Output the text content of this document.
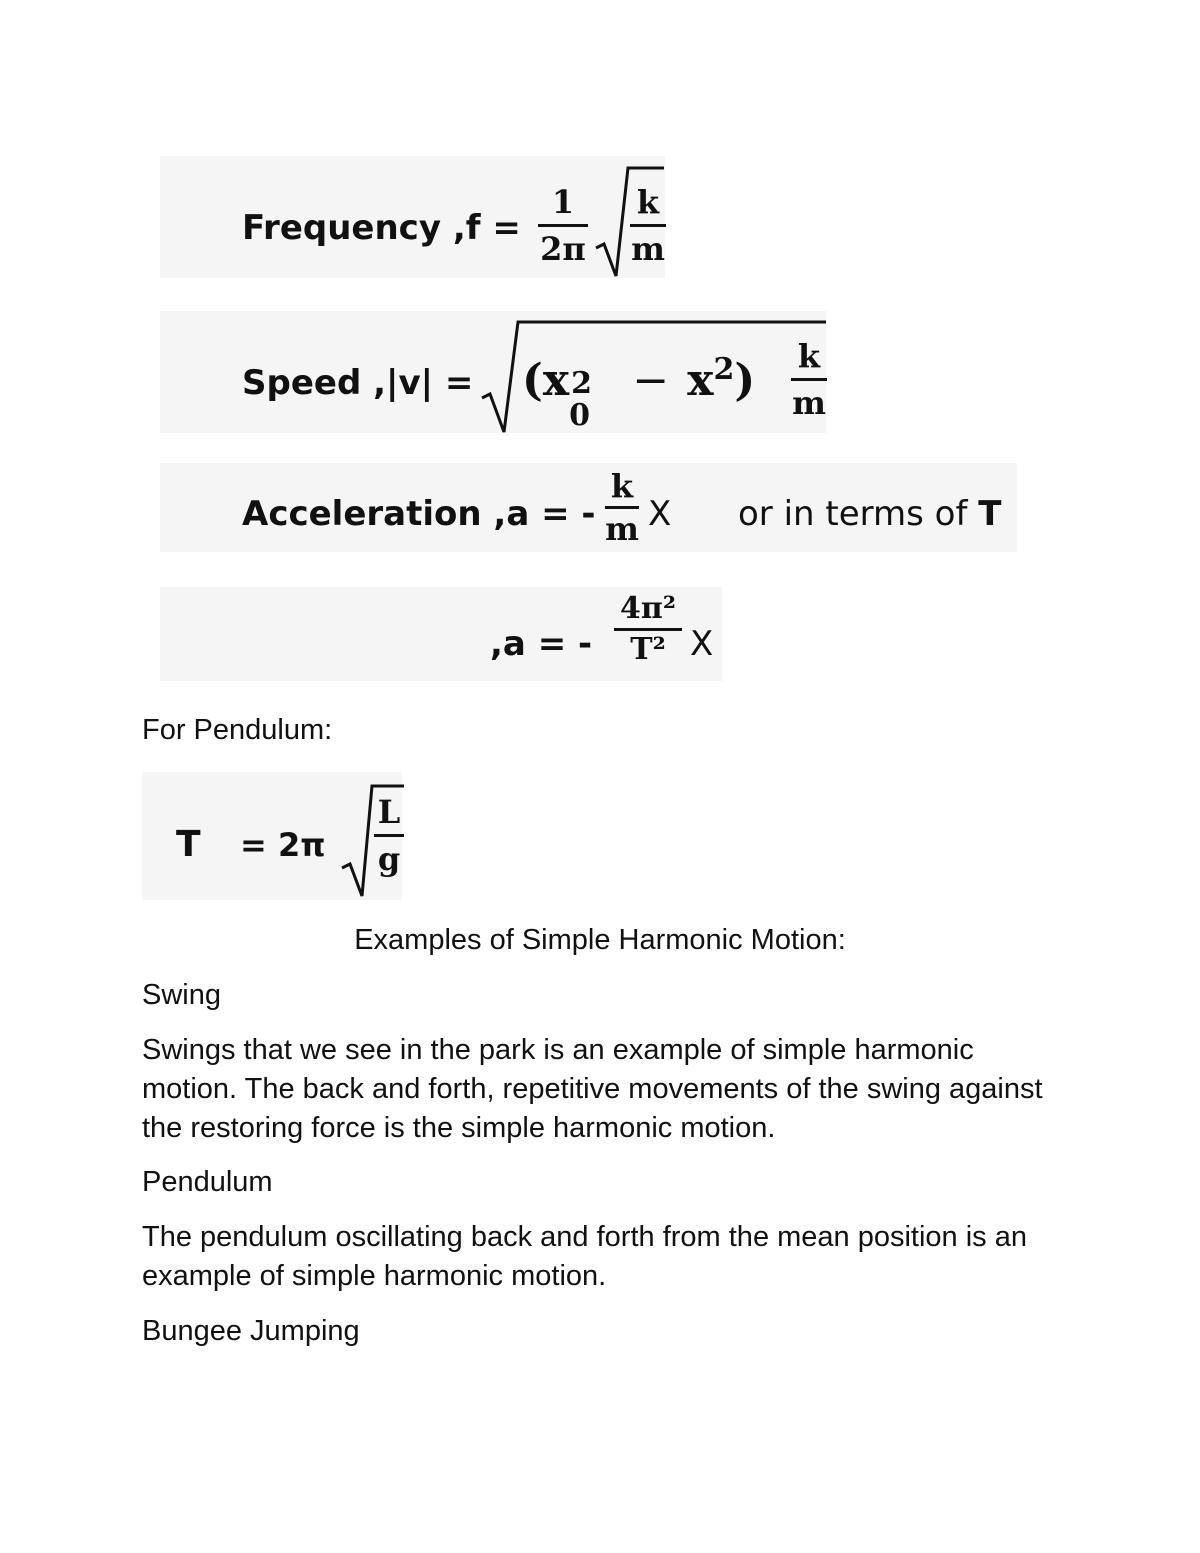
Frequency ,f =
1
2π
k
m
Speed ,|v| = (x 2
0
− $x^2$) k
m
Acceleration ,a = -
k
m X or in terms of T
,a = -
4π²
T² X
For Pendulum:
T = 2π
L
g
Examples of Simple Harmonic Motion:
Swing
Swings that we see in the park is an example of simple harmonic motion. The back and forth, repetitive movements of the swing against the restoring force is the simple harmonic motion.
Pendulum
The pendulum oscillating back and forth from the mean position is an example of simple harmonic motion.
Bungee Jumping
